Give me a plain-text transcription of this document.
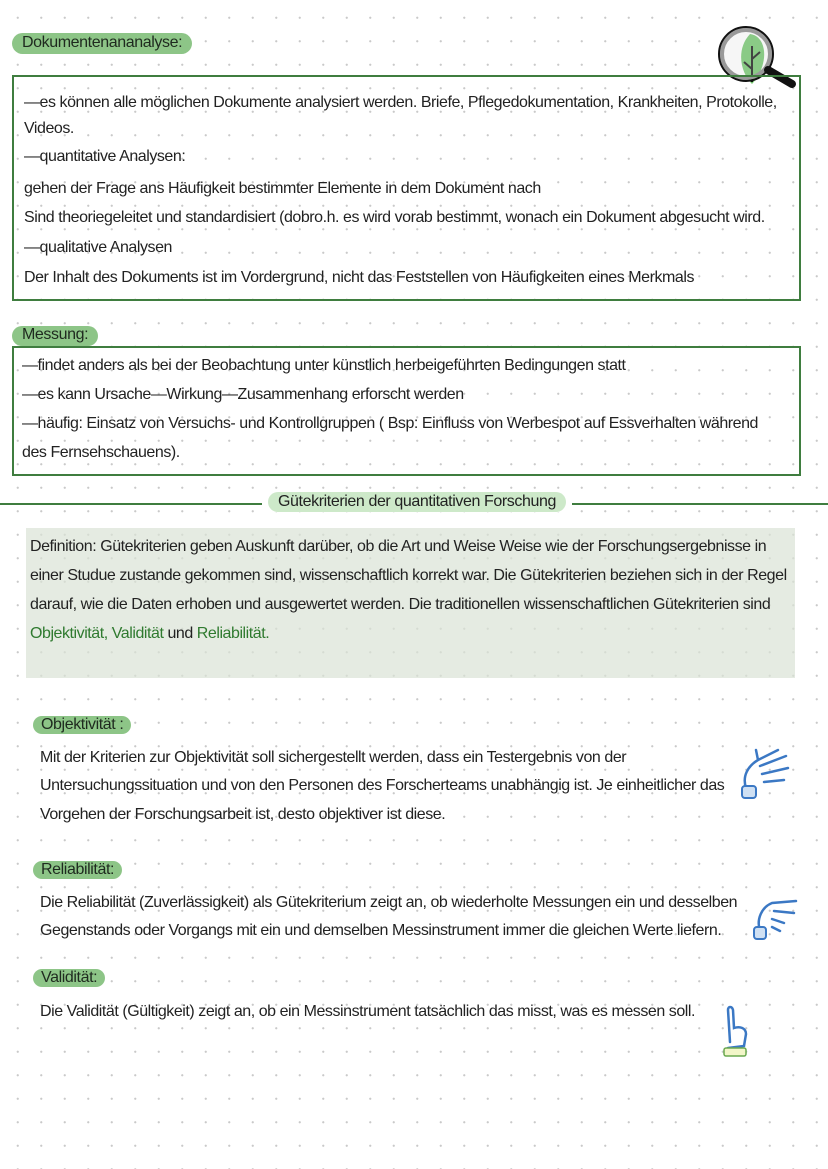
Dokumentenananalyse:
—es können alle möglichen Dokumente analysiert werden. Briefe, Pflegedokumentation, Krankheiten, Protokolle,
Videos.
—quantitative Analysen:
gehen der Frage ans Häufigkeit bestimmter Elemente in dem Dokument nach
Sind theoriegeleitet und standardisiert (dobro.h. es wird vorab bestimmt, wonach ein Dokument abgesucht wird.
—qualitative Analysen
Der Inhalt des Dokuments ist im Vordergrund, nicht das Feststellen von Häufigkeiten eines Merkmals
Messung:
—findet anders als bei der Beobachtung unter künstlich herbeigeführten Bedingungen statt
—es kann Ursache—Wirkung—Zusammenhang erforscht werden
—häufig: Einsatz von Versuchs- und Kontrollgruppen ( Bsp: Einfluss von Werbespot auf Essverhalten während
des Fernsehschauens).
Gütekriterien der quantitativen Forschung
Definition: Gütekriterien geben Auskunft darüber, ob die Art und Weise Weise wie der Forschungsergebnisse in
einer Studue zustande gekommen sind, wissenschaftlich korrekt war. Die Gütekriterien beziehen sich in der Regel
darauf, wie die Daten erhoben und ausgewertet werden. Die traditionellen wissenschaftlichen Gütekriterien sind
Objektivität, Validität und Reliabilität.
Objektivität :
Mit der Kriterien zur Objektivität soll sichergestellt werden, dass ein Testergebnis von der
Untersuchungssituation und von den Personen des Forscherteams unabhängig ist. Je einheitlicher das
Vorgehen der Forschungsarbeit ist, desto objektiver ist diese.
Reliabilität:
Die Reliabilität (Zuverlässigkeit) als Gütekriterium zeigt an, ob wiederholte Messungen ein und desselben
Gegenstands oder Vorgangs mit ein und demselben Messinstrument immer die gleichen Werte liefern.
Validität:
Die Validität (Gültigkeit) zeigt an, ob ein Messinstrument tatsächlich das misst, was es messen soll.
